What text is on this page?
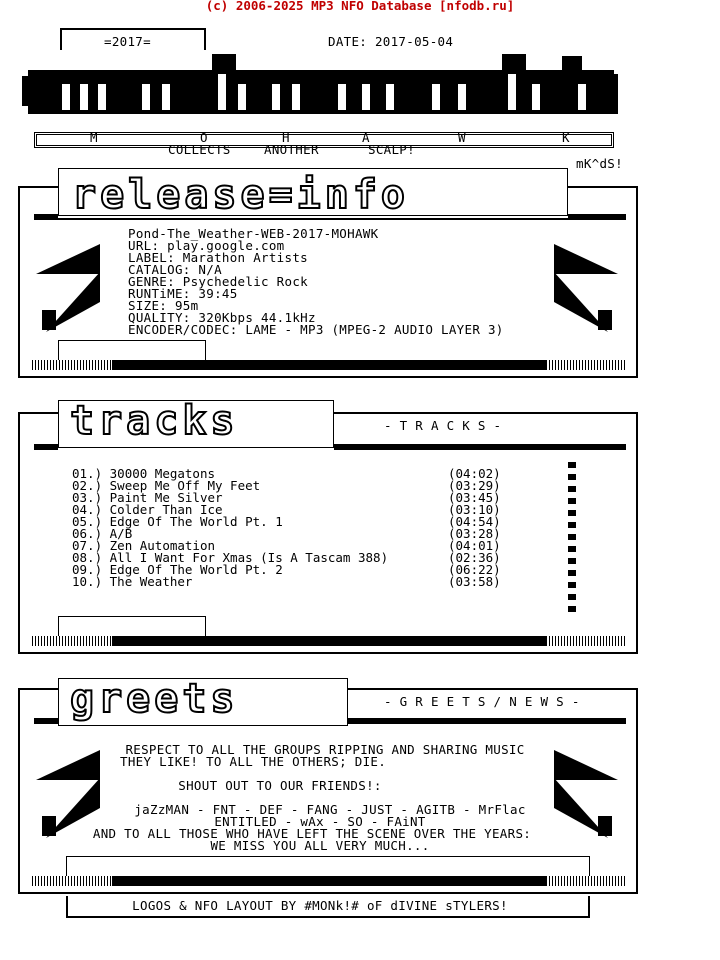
(c) 2006-2025 MP3 NFO Database [nfodb.ru]
=2017=	DATE: 2017-05-04
M	O	H	A	W	K
COLLECTS	ANOTHER	SCALP!
mK^dS!
release=info
Pond-The_Weather-WEB-2017-MOHAWK
URL: play.google.com
LABEL: Marathon Artists
CATALOG: N/A
GENRE: Psychedelic Rock
RUNTiME: 39:45
SIZE: 95m
QUALITY: 320Kbps 44.1kHz
ENCODER/CODEC: LAME - MP3 (MPEG-2 AUDIO LAYER 3)
tracks	- T R A C K S -
01.) 30000 Megatons	(04:02)
02.) Sweep Me Off My Feet	(03:29)
03.) Paint Me Silver	(03:45)
04.) Colder Than Ice	(03:10)
05.) Edge Of The World Pt. 1	(04:54)
06.) A/B	(03:28)
07.) Zen Automation	(04:01)
08.) All I Want For Xmas (Is A Tascam 388)	(02:36)
09.) Edge Of The World Pt. 2	(06:22)
10.) The Weather	(03:58)
greets	- G R E E T S / N E W S -
RESPECT TO ALL THE GROUPS RIPPING AND SHARING MUSIC
THEY LIKE! TO ALL THE OTHERS; DIE.
SHOUT OUT TO OUR FRIENDS!:
jaZzMAN - FNT - DEF - FANG - JUST - AGITB - MrFlac
ENTITLED - wAx - SO - FAiNT
AND TO ALL THOSE WHO HAVE LEFT THE SCENE OVER THE YEARS:
WE MISS YOU ALL VERY MUCH...
LOGOS & NFO LAYOUT BY #MONk!# oF dIVINE sTYLERS!
